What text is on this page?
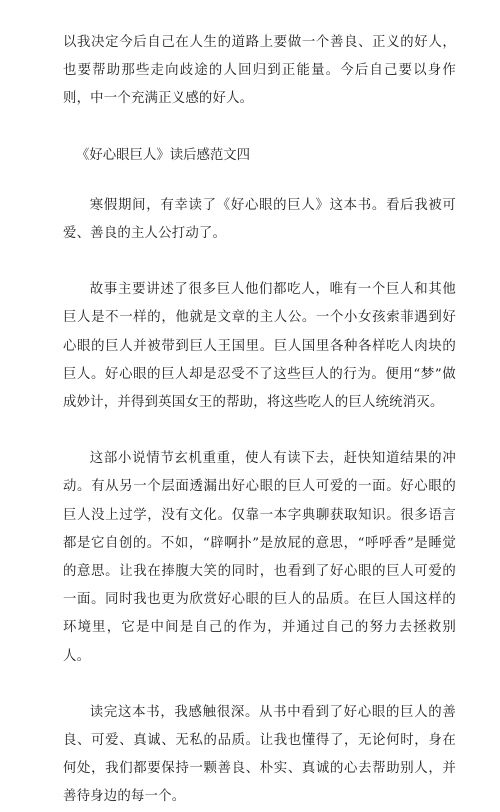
以我决定今后自己在人生的道路上要做一个善良、正义的好人，也要帮助那些走向歧途的人回归到正能量。今后自己要以身作则，中一个充满正义感的好人。

《好心眼巨人》读后感范文四

寒假期间，有幸读了《好心眼的巨人》这本书。看后我被可爱、善良的主人公打动了。

故事主要讲述了很多巨人他们都吃人，唯有一个巨人和其他巨人是不一样的，他就是文章的主人公。一个小女孩索菲遇到好心眼的巨人并被带到巨人王国里。巨人国里各种各样吃人肉块的巨人。好心眼的巨人却是忍受不了这些巨人的行为。便用“梦”做成妙计，并得到英国女王的帮助，将这些吃人的巨人统统消灭。

这部小说情节玄机重重，使人有读下去，赶快知道结果的冲动。有从另一个层面透漏出好心眼的巨人可爱的一面。好心眼的巨人没上过学，没有文化。仅靠一本字典聊获取知识。很多语言都是它自创的。不如，“辟啊扑”是放屁的意思，“呼呼香”是睡觉的意思。让我在捧腹大笑的同时，也看到了好心眼的巨人可爱的一面。同时我也更为欣赏好心眼的巨人的品质。在巨人国这样的环境里，它是中间是自己的作为，并通过自己的努力去拯救别人。

读完这本书，我感触很深。从书中看到了好心眼的巨人的善良、可爱、真诚、无私的品质。让我也懂得了，无论何时，身在何处，我们都要保持一颗善良、朴实、真诚的心去帮助别人，并善待身边的每一个。
